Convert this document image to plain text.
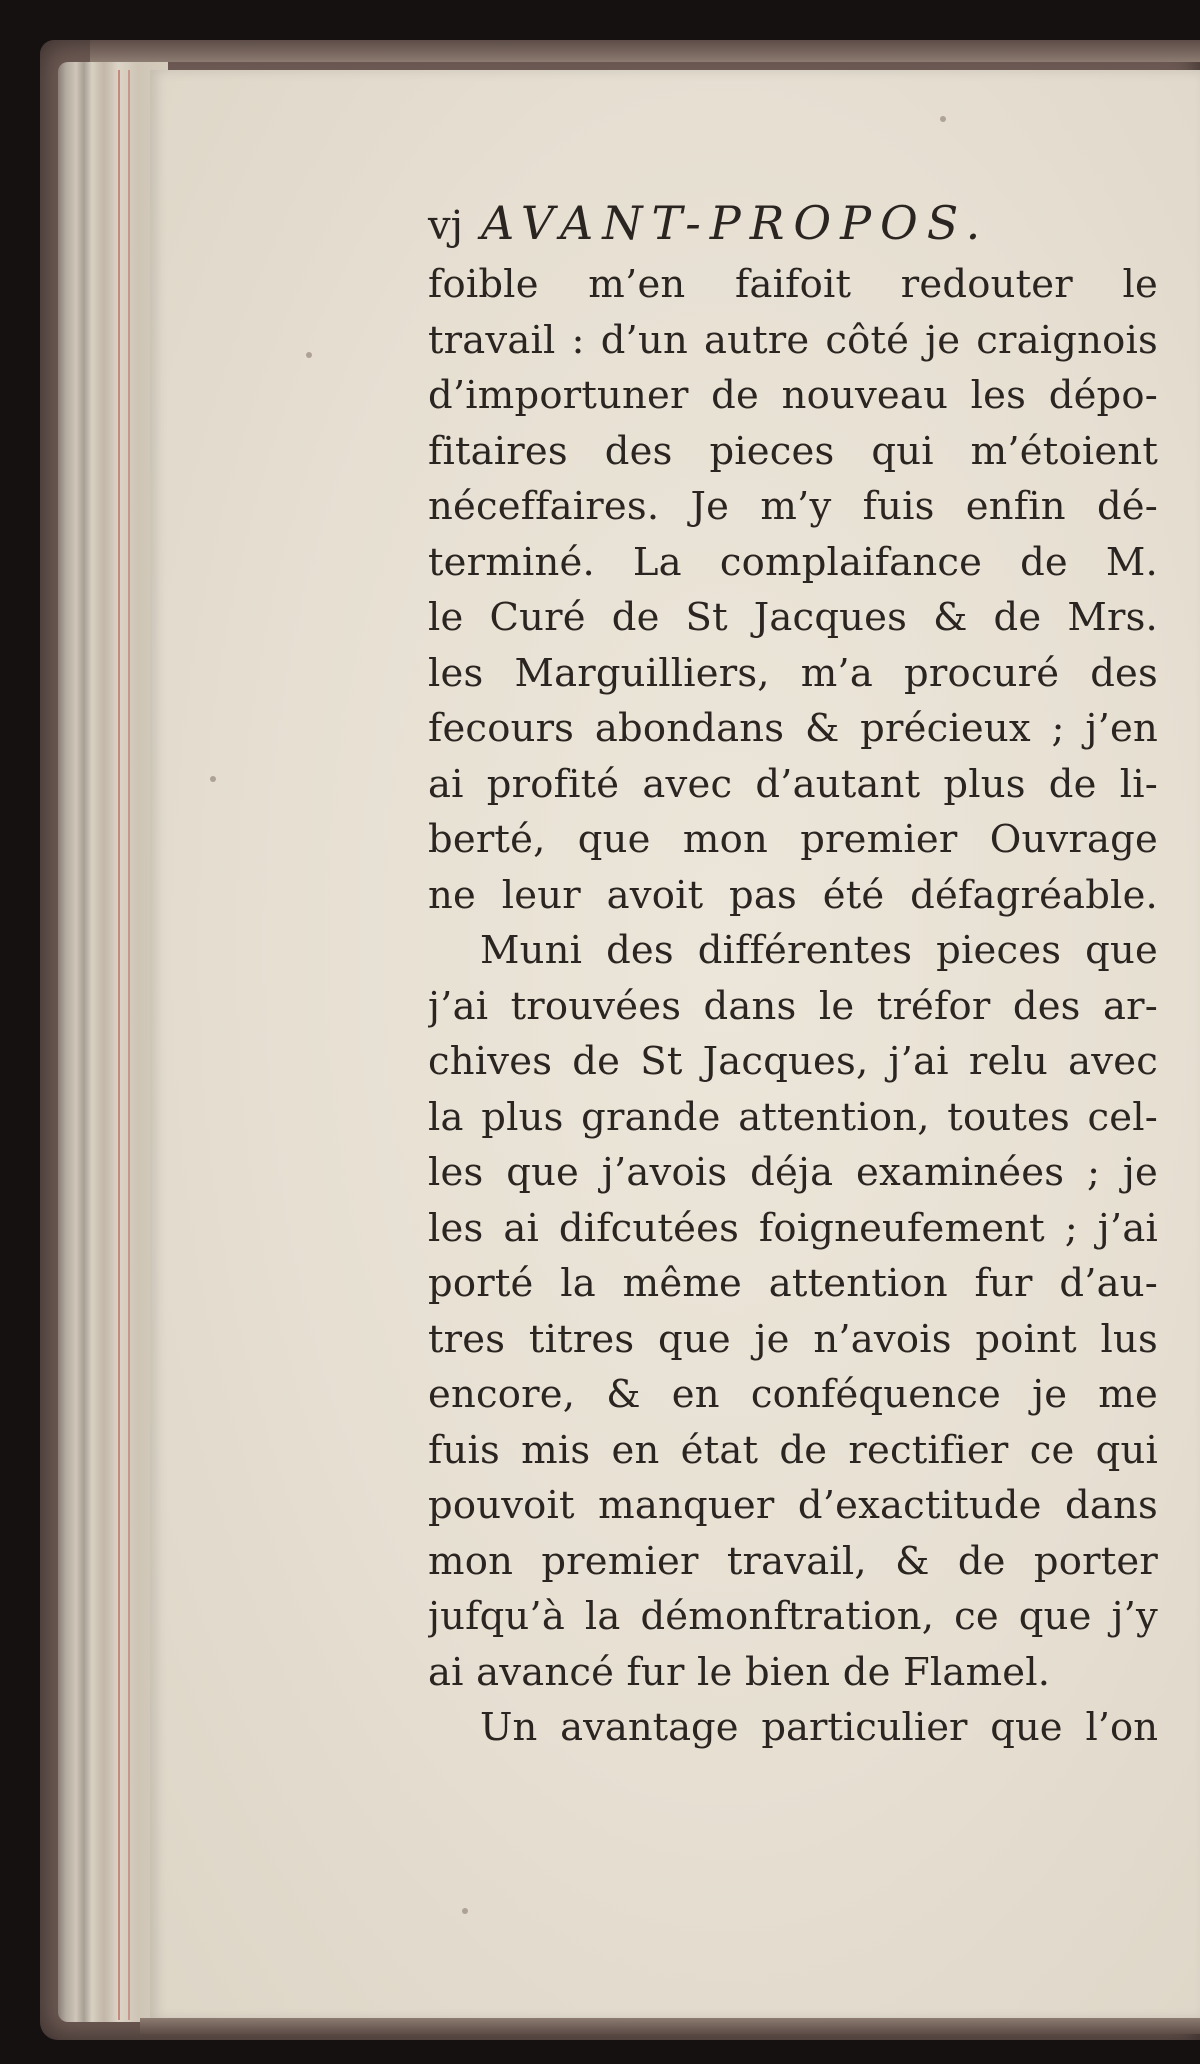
vj AVANT-PROPOS.
foible m’en faifoit redouter le
travail : d’un autre côté je craignois
d’importuner de nouveau les dépo-
fitaires des pieces qui m’étoient
néceffaires. Je m’y fuis enfin dé-
terminé. La complaifance de M.
le Curé de St Jacques & de Mrs.
les Marguilliers, m’a procuré des
fecours abondans & précieux ; j’en
ai profité avec d’autant plus de li-
berté, que mon premier Ouvrage
ne leur avoit pas été défagréable.
Muni des différentes pieces que
j’ai trouvées dans le tréfor des ar-
chives de St Jacques, j’ai relu avec
la plus grande attention, toutes cel-
les que j’avois déja examinées ; je
les ai difcutées foigneufement ; j’ai
porté la même attention fur d’au-
tres titres que je n’avois point lus
encore, & en conféquence je me
fuis mis en état de rectifier ce qui
pouvoit manquer d’exactitude dans
mon premier travail, & de porter
jufqu’à la démonftration, ce que j’y
ai avancé fur le bien de Flamel.
Un avantage particulier que l’on
